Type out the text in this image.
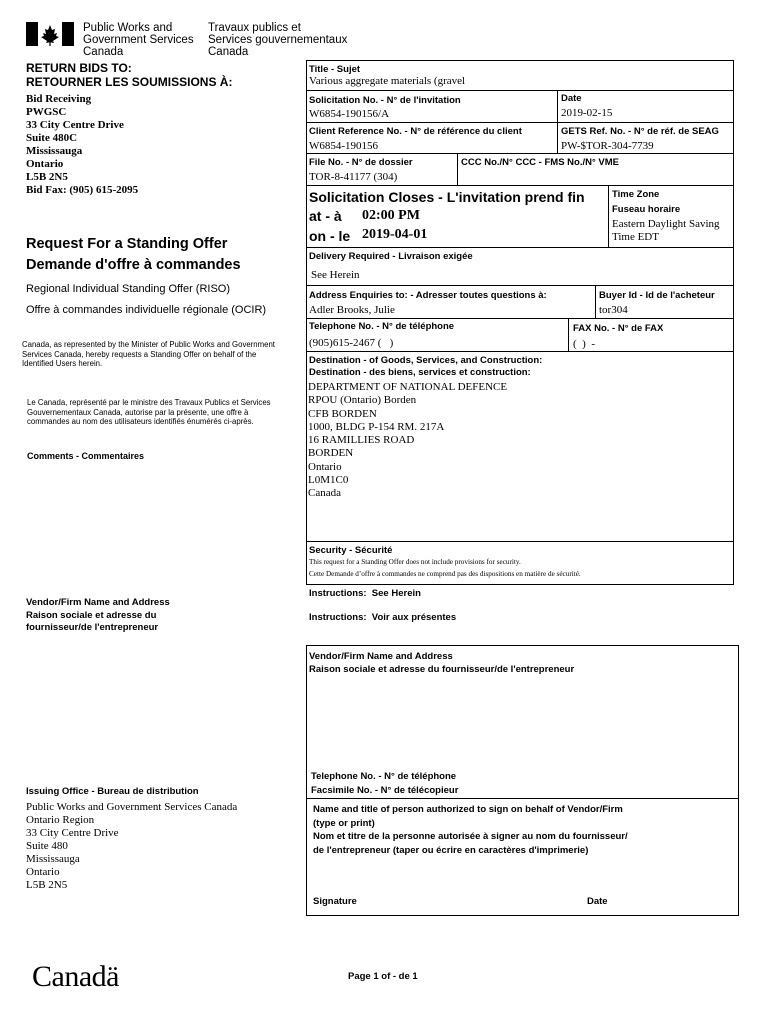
Public Works and
Government Services
Canada
Travaux publics et
Services gouvernementaux
Canada
RETURN BIDS TO:
RETOURNER LES SOUMISSIONS À:
Bid Receiving
PWGSC
33 City Centre Drive
Suite 480C
Mississauga
Ontario
L5B 2N5
Bid Fax: (905) 615-2095
Request For a Standing Offer
Demande d'offre à commandes
Regional Individual Standing Offer (RISO)
Offre à commandes individuelle régionale (OCIR)
Canada, as represented by the Minister of Public Works and Government Services Canada, hereby requests a Standing Offer on behalf of the Identified Users herein.
Le Canada, représenté par le ministre des Travaux Publics et Services Gouvernementaux Canada, autorise par la présente, une offre à commandes au nom des utilisateurs identifiés énumérés ci-après.
Comments - Commentaires
Vendor/Firm Name and Address
Raison sociale et adresse du
fournisseur/de l'entrepreneur
Issuing Office - Bureau de distribution
Public Works and Government Services Canada
Ontario Region
33 City Centre Drive
Suite 480
Mississauga
Ontario
L5B 2N5
Title - Sujet
Various aggregate materials (gravel
Solicitation No. - N° de l'invitation
W6854-190156/A
Date
2019-02-15
Client Reference No. - N° de référence du client
W6854-190156
GETS Ref. No. - N° de réf. de SEAG
PW-$TOR-304-7739
File No. - N° de dossier
TOR-8-41177 (304)
CCC No./N° CCC - FMS No./N° VME
Solicitation Closes - L'invitation prend fin
at - à 02:00 PM
on - le 2019-04-01
Time Zone
Fuseau horaire
Eastern Daylight Saving
Time EDT
Delivery Required - Livraison exigée
See Herein
Address Enquiries to: - Adresser toutes questions à:
Adler Brooks, Julie
Buyer Id - Id de l'acheteur
tor304
Telephone No. - N° de téléphone
(905)615-2467 (   )
FAX No. - N° de FAX
(  )  -
Destination - of Goods, Services, and Construction:
Destination - des biens, services et construction:
DEPARTMENT OF NATIONAL DEFENCE
RPOU (Ontario) Borden
CFB BORDEN
1000, BLDG P-154 RM. 217A
16 RAMILLIES ROAD
BORDEN
Ontario
L0M1C0
Canada
Security - Sécurité
This request for a Standing Offer does not include provisions for security.
Cette Demande d’offre à commandes ne comprend pas des dispositions en matière de sécurité.
Instructions:  See Herein
Instructions:  Voir aux présentes
Vendor/Firm Name and Address
Raison sociale et adresse du fournisseur/de l'entrepreneur
Telephone No. - N° de téléphone
Facsimile No. - N° de télécopieur
Name and title of person authorized to sign on behalf of Vendor/Firm
(type or print)
Nom et titre de la personne autorisée à signer au nom du fournisseur/
de l'entrepreneur (taper ou écrire en caractères d'imprimerie)
Signature	Date
Canadä	Page 1 of - de 1
